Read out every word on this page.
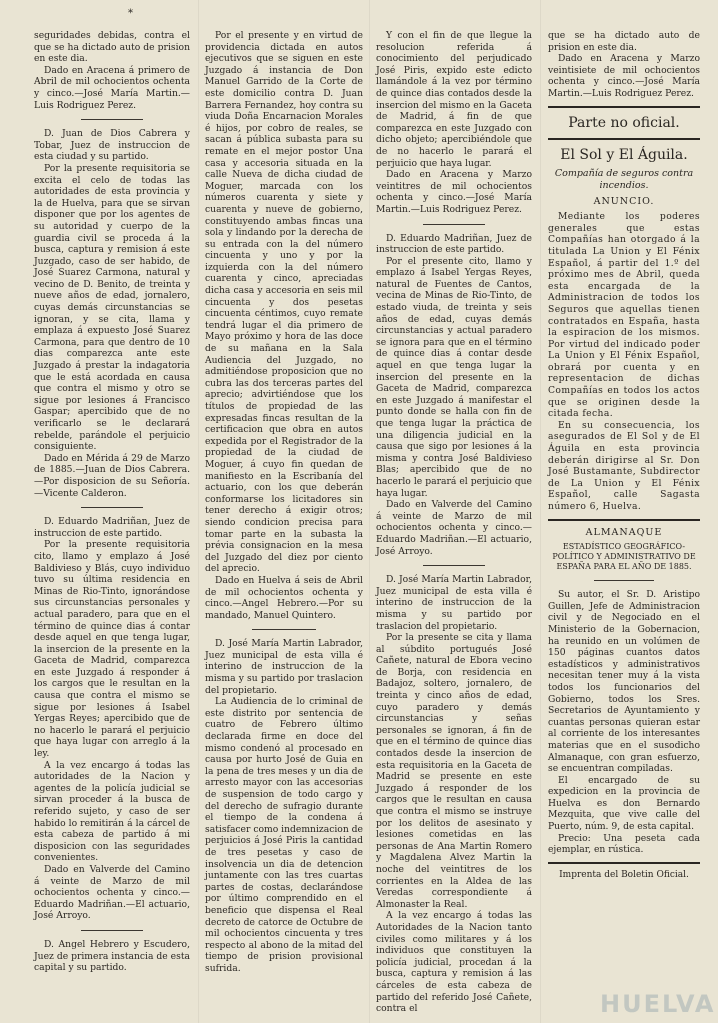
*

seguridades debidas, contra el que se ha dictado auto de prision en este dia.

Dado en Aracena á primero de Abril de mil ochocientos ochenta y cinco.—José María Martin.—Luis Rodriguez Perez.

D. Juan de Dios Cabrera y Tobar, Juez de instruccion de esta ciudad y su partido.

Por la presente requisitoria se excita el celo de todas las autoridades de esta provincia y la de Huelva, para que se sirvan disponer que por los agentes de su autoridad y cuerpo de la guardia civil se proceda á la busca, captura y remision á este Juzgado, caso de ser habido, de José Suarez Carmona, natural y vecino de D. Benito, de treinta y nueve años de edad, jornalero, cuyas demás circunstancias se ignoran, y se cita, llama y emplaza á expuesto José Suarez Carmona, para que dentro de 10 dias comparezca ante este Juzgado á prestar la indagatoria que le está acordada en causa que contra el mismo y otro se sigue por lesiones á Francisco Gaspar; apercibido que de no verificarlo se le declarará rebelde, parándole el perjuicio consiguiente.

Dado en Mérida á 29 de Marzo de 1885.—Juan de Dios Cabrera.—Por disposicion de su Señoría.—Vicente Calderon.

D. Eduardo Madriñan, Juez de instruccion de este partido.

Por la presente requisitoria cito, llamo y emplazo á José Baldivieso y Blás, cuyo individuo tuvo su última residencia en Minas de Rio-Tinto, ignorándose sus circunstancias personales y actual paradero, para que en el término de quince dias á contar desde aquel en que tenga lugar, la insercion de la presente en la Gaceta de Madrid, comparezca en este Juzgado á responder á los cargos que le resultan en la causa que contra el mismo se sigue por lesiones á Isabel Yergas Reyes; apercibido que de no hacerlo le parará el perjuicio que haya lugar con arreglo á la ley.

A la vez encargo á todas las autoridades de la Nacion y agentes de la policía judicial se sirvan proceder á la busca de referido sujeto, y caso de ser habido lo remitirán á la cárcel de esta cabeza de partido á mi disposicion con las seguridades convenientes.

Dado en Valverde del Camino á veinte de Marzo de mil ochocientos ochenta y cinco.—Eduardo Madriñan.—El actuario, José Arroyo.

D. Angel Hebrero y Escudero, Juez de primera instancia de esta capital y su partido.

Por el presente y en virtud de providencia dictada en autos ejecutivos que se siguen en este Juzgado á instancia de Don Manuel Garrido de la Corte de este domicilio contra D. Juan Barrera Fernandez, hoy contra su viuda Doña Encarnacion Morales é hijos, por cobro de reales, se sacan á pública subasta para su remate en el mejor postor Una casa y accesoria situada en la calle Nueva de dicha ciudad de Moguer, marcada con los números cuarenta y siete y cuarenta y nueve de gobierno, constituyendo ambas fincas una sola y lindando por la derecha de su entrada con la del número cincuenta y uno y por la izquierda con la del número cuarenta y cinco, apreciadas dicha casa y accesoria en seis mil cincuenta y dos pesetas cincuenta céntimos, cuyo remate tendrá lugar el dia primero de Mayo próximo y hora de las doce de su mañana en la Sala Audiencia del Juzgado, no admitiéndose proposicion que no cubra las dos terceras partes del aprecio; advirtiéndose que los títulos de propiedad de las expresadas fincas resultan de la certificacion que obra en autos expedida por el Registrador de la propiedad de la ciudad de Moguer, á cuyo fin quedan de manifiesto en la Escribanía del actuario, con los que deberán conformarse los licitadores sin tener derecho á exigir otros; siendo condicion precisa para tomar parte en la subasta la prévia consignacion en la mesa del Juzgado del diez por ciento del aprecio.

Dado en Huelva á seis de Abril de mil ochocientos ochenta y cinco.—Angel Hebrero.—Por su mandado, Manuel Quintero.

D. José María Martin Labrador, Juez municipal de esta villa é interino de instruccion de la misma y su partido por traslacion del propietario.

La Audiencia de lo criminal de este distrito por sentencia de cuatro de Febrero último declarada firme en doce del mismo condenó al procesado en causa por hurto José de Guia en la pena de tres meses y un dia de arresto mayor con las accesorias de suspension de todo cargo y del derecho de sufragio durante el tiempo de la condena á satisfacer como indemnizacion de perjuicios á José Piris la cantidad de tres pesetas y caso de insolvencia un dia de detencion juntamente con las tres cuartas partes de costas, declarándose por último comprendido en el beneficio que dispensa el Real decreto de catorce de Octubre de mil ochocientos cincuenta y tres respecto al abono de la mitad del tiempo de prision provisional sufrida.

Y con el fin de que llegue la resolucion referida á conocimiento del perjudicado José Piris, expido este edicto llamándole á la vez por término de quince dias contados desde la insercion del mismo en la Gaceta de Madrid, á fin de que comparezca en este Juzgado con dicho objeto; apercibiéndole que de no hacerlo le parará el perjuicio que haya lugar.

Dado en Aracena y Marzo veintitres de mil ochocientos ochenta y cinco.—José María Martin.—Luis Rodriguez Perez.

D. Eduardo Madriñan, Juez de instruccion de este partido.

Por el presente cito, llamo y emplazo á Isabel Yergas Reyes, natural de Fuentes de Cantos, vecina de Minas de Rio-Tinto, de estado viuda, de treinta y seis años de edad, cuyas demás circunstancias y actual paradero se ignora para que en el término de quince dias á contar desde aquel en que tenga lugar la insercion del presente en la Gaceta de Madrid, comparezca en este Juzgado á manifestar el punto donde se halla con fin de que tenga lugar la práctica de una diligencia judicial en la causa que sigo por lesiones á la misma y contra José Baldivieso Blas; apercibido que de no hacerlo le parará el perjuicio que haya lugar.

Dado en Valverde del Camino á veinte de Marzo de mil ochocientos ochenta y cinco.—Eduardo Madriñan.—El actuario, José Arroyo.

D. José María Martin Labrador, Juez municipal de esta villa é interino de instruccion de la misma y su partido por traslacion del propietario.

Por la presente se cita y llama al súbdito portugués José Cañete, natural de Ebora vecino de Borja, con residencia en Badajoz, soltero, jornalero, de treinta y cinco años de edad, cuyo paradero y demás circunstancias y señas personales se ignoran, á fin de que en el término de quince dias contados desde la insercion de esta requisitoria en la Gaceta de Madrid se presente en este Juzgado á responder de los cargos que le resultan en causa que contra el mismo se instruye por los delitos de asesinato y lesiones cometidas en las personas de Ana Martin Romero y Magdalena Alvez Martin la noche del veintitres de los corrientes en la Aldea de las Veredas correspondiente á Almonaster la Real.

A la vez encargo á todas las Autoridades de la Nacion tanto civiles como militares y á los individuos que constituyen la policía judicial, procedan á la busca, captura y remision á las cárceles de esta cabeza de partido del referido José Cañete, contra el

que se ha dictado auto de prision en este dia.

Dado en Aracena y Marzo veintisiete de mil ochocientos ochenta y cinco.—José María Martin.—Luis Rodriguez Perez.

Parte no oficial.
El Sol y El Águila.
Compañía de seguros contra incendios.
ANUNCIO.

Mediante los poderes generales que estas Compañías han otorgado á la titulada La Union y El Fénix Español, á partir del 1.º del próximo mes de Abril, queda esta encargada de la Administracion de todos los Seguros que aquellas tienen contratados en España, hasta la espiracion de los mismos. Por virtud del indicado poder La Union y El Fénix Español, obrará por cuenta y en representacion de dichas Compañías en todos los actos que se originen desde la citada fecha.

En su consecuencia, los asegurados de El Sol y de El Águila en esta provincia deberán dirigirse al Sr. Don José Bustamante, Subdirector de La Union y El Fénix Español, calle Sagasta número 6, Huelva.

ALMANAQUE
ESTADÍSTICO GEOGRÁFICO-POLÍTICO Y ADMINISTRATIVO DE ESPAÑA PARA EL AÑO DE 1885.

Su autor, el Sr. D. Aristipo Guillen, Jefe de Administracion civil y de Negociado en el Ministerio de la Gobernacion, ha reunido en un volúmen de 150 páginas cuantos datos estadísticos y administrativos necesitan tener muy á la vista todos los funcionarios del Gobierno, todos los Sres. Secretarios de Ayuntamiento y cuantas personas quieran estar al corriente de los interesantes materias que en el susodicho Almanaque, con gran esfuerzo, se encuentran compiladas.

El encargado de su expedicion en la provincia de Huelva es don Bernardo Mezquita, que vive calle del Puerto, núm. 9, de esta capital.

Precio: Una peseta cada ejemplar, en rústica.

Imprenta del Boletin Oficial.
HUELVA
